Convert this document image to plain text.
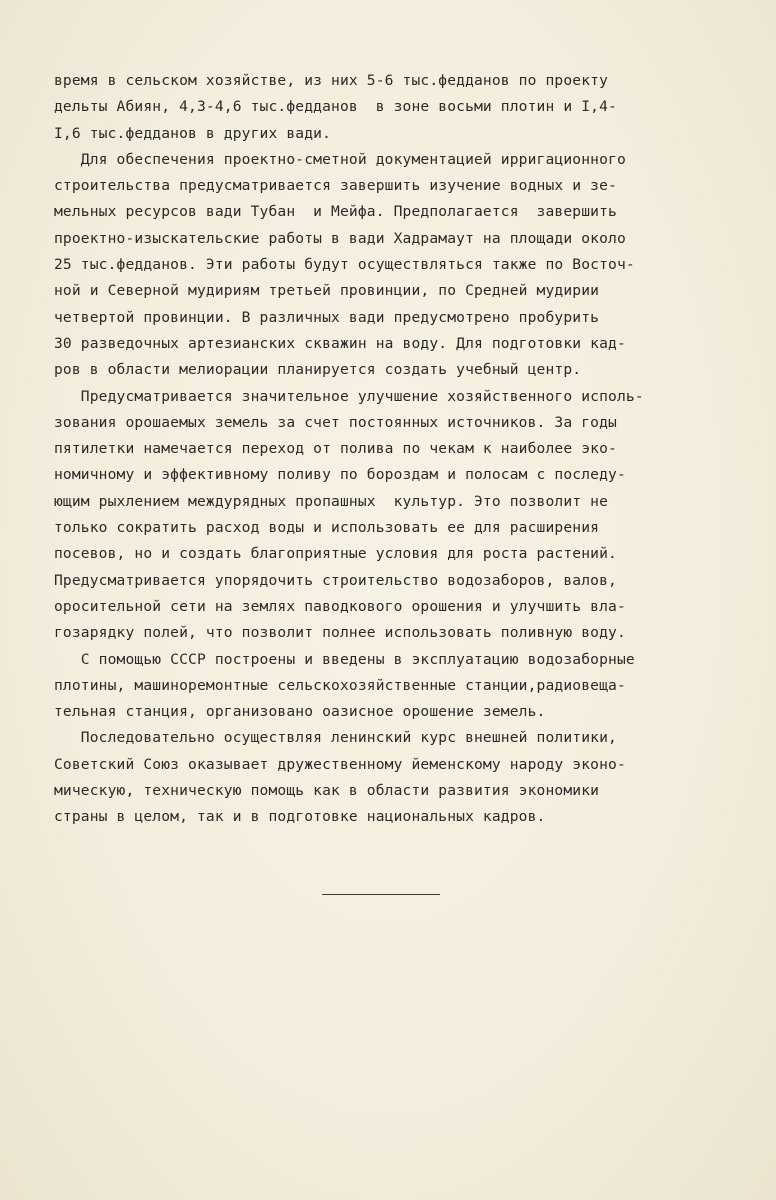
время в сельском хозяйстве, из них 5-6 тыс.федданов по проекту
дельты Абиян, 4,3-4,6 тыс.федданов  в зоне восьми плотин и I,4-
I,6 тыс.федданов в других вади.
Для обеспечения проектно-сметной документацией ирригационного
строительства предусматривается завершить изучение водных и зе-
мельных ресурсов вади Тубан  и Мейфа. Предполагается  завершить
проектно-изыскательские работы в вади Хадрамаут на площади около
25 тыс.федданов. Эти работы будут осуществляться также по Восточ-
ной и Северной мудириям третьей провинции, по Средней мудирии
четвертой провинции. В различных вади предусмотрено пробурить
30 разведочных артезианских скважин на воду. Для подготовки кад-
ров в области мелиорации планируется создать учебный центр.
Предусматривается значительное улучшение хозяйственного исполь-
зования орошаемых земель за счет постоянных источников. За годы
пятилетки намечается переход от полива по чекам к наиболее эко-
номичному и эффективному поливу по бороздам и полосам с последу-
ющим рыхлением междурядных пропашных  культур. Это позволит не
только сократить расход воды и использовать ее для расширения
посевов, но и создать благоприятные условия для роста растений.
Предусматривается упорядочить строительство водозаборов, валов,
оросительной сети на землях паводкового орошения и улучшить вла-
гозарядку полей, что позволит полнее использовать поливную воду.
С помощью СССР построены и введены в эксплуатацию водозаборные
плотины, машиноремонтные сельскохозяйственные станции,радиовеща-
тельная станция, организовано оазисное орошение земель.
Последовательно осуществляя ленинский курс внешней политики,
Советский Союз оказывает дружественному йеменскому народу эконо-
мическую, техническую помощь как в области развития экономики
страны в целом, так и в подготовке национальных кадров.
